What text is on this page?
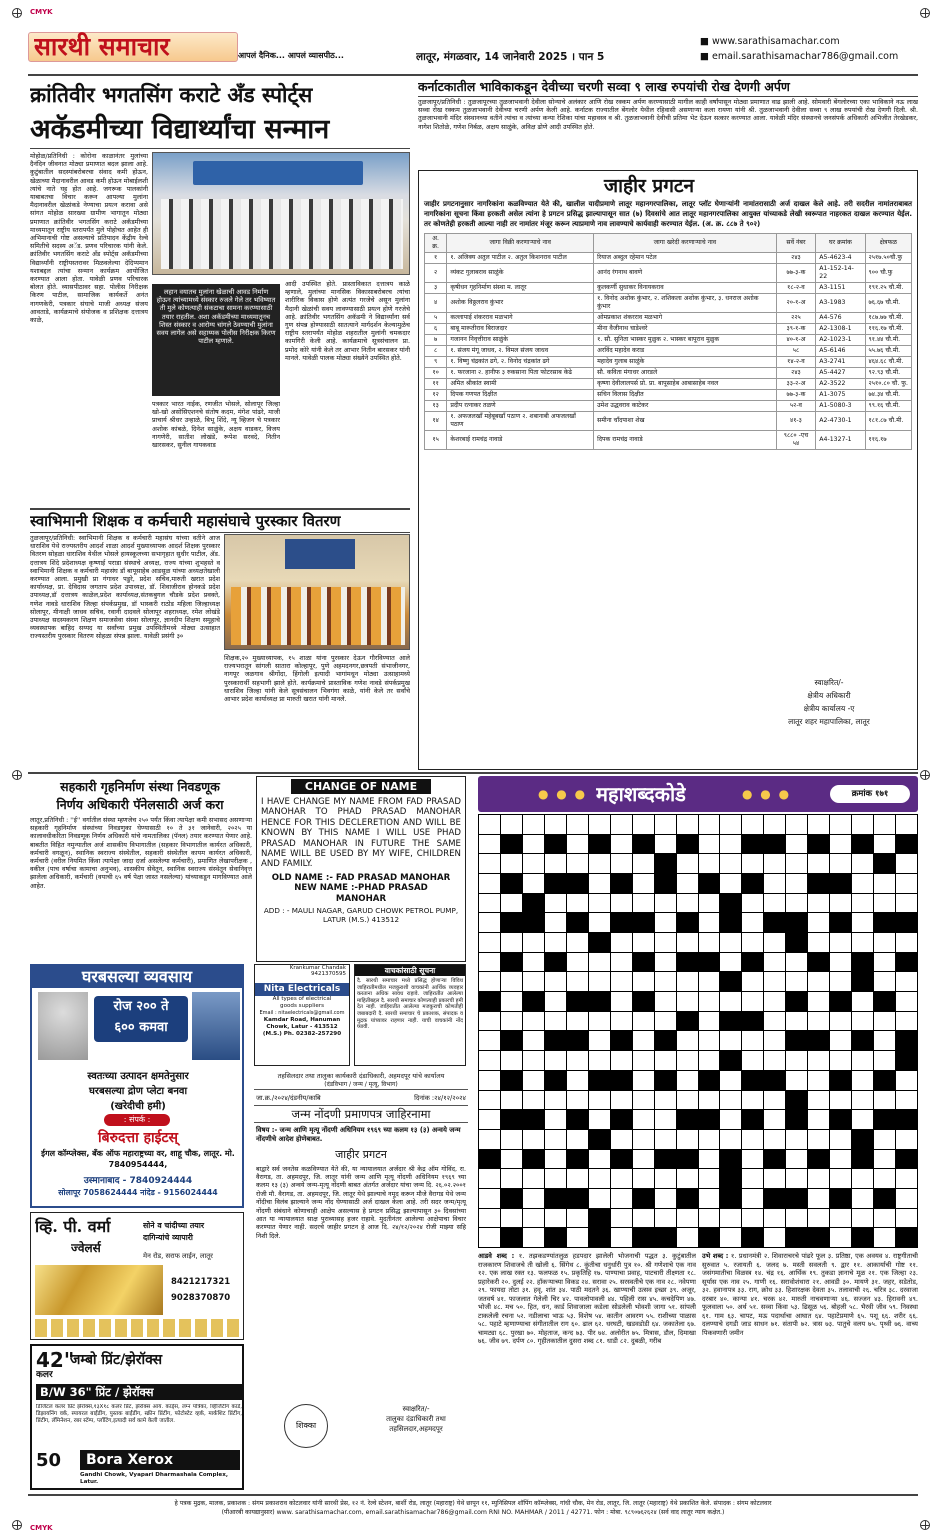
CMYK
सारथी समाचार	आपलं दैनिक... आपलं व्यासपीठ...	लातूर, मंगळवार, 14 जानेवारी 2025 । पान 5
■ www.sarathisamachar.com
■ email.sarathisamachar786@gmail.com
क्रांतिवीर भगतसिंग कराटे अँड स्पोर्ट्स
अकॅडमीच्या विद्यार्थ्यांचा सन्मान
मोहोळ/प्रतिनिधी : कोरोना काळानंतर मुलांच्या दैनंदिन जीवनात मोठ्या प्रमाणात बदल झाला आहे. कुटुंबातील सदस्यांबरोबरचा संवाद कमी होऊन, खेळाच्या मैदानावरील आवड कमी होऊन मोबाईलशी त्यांचे नाते घट्ट होत आहे. जगरूक पालकांनी याबाबतचा विचार करून आपल्या मुलांना मैदानावरील खेळांकडे नेण्याचा प्रयत्न करावा असे सांगत मोहोळ सारख्या ग्रामीण भागातून मोठ्या प्रमाणात क्रांतिवीर भगतसिंग कराटे अकॅडमीच्या माध्यमातून राष्ट्रीय स्तरापर्यंत मुले पोहोचत आहेत ही अभिमानाची गोष्ट असल्याचे प्रतिपादन केंद्रीय रेल्वे समितीचे सदस्य अॅड. प्रणव परिचारक यांनी केले. क्रांतिवीर भगतसिंग कराटे अँड स्पोर्ट्स अकॅडमीच्या विद्यार्थ्यांनी राष्ट्रीयस्तरावर मिळवलेल्या देदिप्यमान यशाबद्दल त्यांचा सन्मान कार्यक्रम आयोजित करण्यात आला होता. यावेळी प्रणव परिचारक बोलत होते. व्यासपीठावर सहा. पोलीस निरीक्षक किरण पाटील, सामाजिक कार्यकर्ते अनंत नागणकेरी, पत्रकार संघाचे माजी अध्यक्ष संजय आवताडे, कार्यक्रमाचे संयोजक व प्रशिक्षक दत्तात्रय काळे,
लहान वयातच मुलांना खेळाची आवड निर्माण होऊन त्यांच्यामध्ये संस्कार रुजले गेले तर भविष्यात ती मुले कोणत्याही संकटाचा सामना करण्यासाठी तयार राहतील. अशा अकॅडमीच्या माध्यमातूनच शिस्त संस्कार व आरोग्य चांगले ठेवण्याची मुलांना सवय लागेल असे सहाय्यक पोलीस निरीक्षक किरण पाटील म्हणाले.
पत्रकार भारत नाईक, रणजीत भोसले, सोलापूर जिल्हा खो-खो असोसिएशनचे संतोष कदम, मंगेश पांढरे, माजी प्राचार्य श्रीधर उन्हाळे, बिभू शिंदे, न्यू व्हिजन चे पत्रकार अशोक कांबळे, दिनेश साळुंके, अक्षय वाडकर, विजय नागणेरी, सातीश लोखंडे, रूपेश सरवदे, नितीन खारसकर, सुनील गायकवाड
आदी उपस्थित होते. प्रास्ताविकात दत्तात्रय काळे म्हणाले, मुलांच्या मानसिक विकासाबरोबरच त्यांचा शारीरिक विकास होणे अत्यंत गरजेचे असून मुलांना मैदानी खेळांची सवय लावण्यासाठी प्रयत्न होणे गरजेचे आहे. क्रांतिवीर भगतसिंग अकॅडमी ने विद्यार्थ्यांना सर्व गुण संपन्न होण्यासाठी सातत्याने मार्गदर्शन केल्यामुळेच राष्ट्रीय स्तरापर्यंत मोहोळ शहरातील मुलांनी चमकदार कामगिरी केली आहे. कार्यक्रमाचे सूत्रसंचालन प्रा. प्रमोद कोरे यांनी केले तर आभार नितीन बारसकर यांनी मानले. यावेळी पालक मोठ्या संख्येने उपस्थित होते.
स्वाभिमानी शिक्षक व कर्मचारी महासंघाचे पुरस्कार वितरण
तुळजापूर/प्रतिनिधी: स्वाभिमानी शिक्षक व कर्मचारी महासंघ यांच्या वतीने आज धाराशिव येथे राज्यस्तरीय आदर्श शाळा आदर्श मुख्याध्यापक आदर्श शिक्षक पुरस्कार वितरण सोहळा धाराशिव येथील भोसले हायस्कूलच्या सभागृहात सुधीर पाटील, ॲड. दत्तात्रय शिंदे प्रदेशाध्यक्ष कृष्णाई पराडा संस्थाचे अध्यक्ष, राज्य यांच्या शुभहस्ते व स्वाभिमानी शिक्षक व कर्मचारी महासंघ डॉ बापूसाहेब आडसूळ यांच्या अध्यक्षतेखाली करण्यात आला. प्रमुखी प्रा गंगाधर पडुरे, प्रदेश सचिव,मारुती खरात प्रदेश कार्याध्यक्ष, प्रा. देविदास जगताप प्रदेश उपाध्यक्ष, डॉ. शिवाजीराव होनकडे प्रदेश उपाध्यक्ष,डॉ दत्तात्रय काळेल,प्रदेश कार्याध्यक्ष,संतकबुगल चौडके प्रदेश प्रवक्ते, गणेश नावडे धाराशिव जिल्हा संपर्कप्रमुख, डॉ भास्करी राठोड महिला जिल्हाध्यक्ष सोलापूर, मीनाक्षी जाधव सचिव, रवानी दादवले सोलापूर शहराध्यक्ष, रमेश लोखंडे उपाध्यक्ष सदस्यकरण शिक्षण समाजसेवा संस्था सोलापूर, ज्ञानदीप शिक्षण समूहाचे व्यवस्थापक बाहिद सय्यद या सर्वांच्या प्रमुख उपस्थितीमध्ये मोठ्या उत्साहात राज्यस्तरीय पुरस्कार वितरण सोहळा संपन्न झाला. यावेळी प्रसंगी ३०
शिक्षक,२० मुख्याध्यापक, १५ शाळा यांना पुरस्कार देऊन गौरविण्यात आले राज्यभरातून सांगली सातारा कोल्हापूर, पुणे अहमदनगर,छत्रपती संभाजीनगर, नागपूर जळगाव श्रीगोंदा, हिंगोली इत्यादी भागांमधून मोठ्या उत्साहामध्ये पुरस्कारार्थी सहभागी झाले होते. कार्यक्रमाचे प्रास्ताविक गणेश नावडे संपर्कप्रमुख धाराशिव जिल्हा यांनी केले सूत्रसंचालन भिवगंगा काळे, यांनी केले तर सर्वांचे आभार प्रदेश कार्याध्यक्ष प्रा मारुती खरात यांनी मानले.
कर्नाटकातील भाविकाकडून देवीच्या चरणी सव्वा ९ लाख रुपयांची रोख देणगी अर्पण
तुळजापूर/प्रतिनिधी : तुळजापूरच्या तुळजाभवानी देवीला सोन्याचे अलंकार आणि रोख रक्कम अर्पण करण्यासाठी मागील काही वर्षांपासून मोठ्या प्रमाणात वाढ झाली आहे. सोमवारी बेंगलोरच्या एका भाविकाने नऊ लाख सव्वा रोख रक्कम तुळजाभवानी देवीच्या चरणी अर्पण केली आहे. कर्नाटक राज्यातील बेंगलोर येथील रहिवासी असणाऱ्या कला रायणा यांनी श्री. तुळजाभवानी देवीला सव्वा ९ लाख रुपयांची रोख देणगी दिली. श्री. तुळजाभवानी मंदिर संस्थानच्या वतीने त्यांचा व त्यांच्या कन्या रेशिका यांचा महावस्त्र व श्री. तुळजाभवानी देवीची प्रतिमा भेट देऊन सत्कार करण्यात आला. यावेळी मंदिर संस्थानचे जनसंपर्क अधिकारी अभिजीत तेरखेडकर, नागेश शितोळे, गणेश निर्बळ, अक्षय साळुंके, अविक्ष ढोणे आदी उपस्थित होते.
जाहीर प्रगटन
जाहीर प्रगटनानुसार नागरिकांना कळविण्यात येते की, खालील यादीप्रमाणे लातूर महानगरपालिका, लातूर प्लॉट घेणाऱ्यांनी नामांतरासाठी अर्ज दाखल केले आहे. तरी सदरील नामांतराबाबत नागरिकांना सूचना किंवा हरकती असेल त्यांना हे प्रगटन प्रसिद्ध झाल्यापासून सात (७) दिवसांचे आत लातूर महानगरपालिका आयुक्त यांच्याकडे लेखी स्वरूपात नाहरकत दाखल करण्यात येईल. तर कोणतेही हरकती आल्या नाही तर नामांतर मंजूर करून त्याप्रमाणे नाव लावण्याचे कार्यवाही करण्यात येईल. (अ. क्र. ८८७ ते ९०२)
अ. क्र.	जागा विक्री करणाऱ्याचे नाव	जागा खरेदी करणाऱ्याचे नाव	सर्वे नंबर	घर क्रमांक	क्षेत्रफळ
१	१. अजिक्य अतुल पाटील २. अतुल किशनराव पाटील	रियाज अब्दुल रहेमान पटेल	२४३	A5-4623-4	२५१७.५०चौ.फु
२	व्यंकट गुलाबराव साळुंके	आनंद रंगनाथ बावणे	७७-३-क	A1-152-14-22	९०० चौ.फु
३	कृषीधन गृहनिर्माण संस्था म. लातूर	कुलकर्णी सुधाकर विनायकराव	१८-२-व	A3-1151	१९१.२५ चौ.मी.
४	अशोक विठ्ठलराव कुंभार	१. विनोद अशोक कुंभार, २. शशिकला अशोक कुंभार, ३. धनराज अशोक कुंभार	२०-१-अ	A3-1983	७६.६७ चौ.मी.
५	कल्लापाई शंकरराव मळभागे	ओमप्रकाश शंकरराव मळभागे	२२५	A4-576	१८७.७७ चौ.मी.
६	बाबू मारूतीराव बिराजदार	मीना वैजीनाथ चाडेश्वरे	३९-१-क	A2-1308-1	११६.१७ चौ.मी.
७	गजानन निवृत्तीराव साळुंके	१. सौ. सुनिता भास्कर मुळुक २. भास्कर बापूराव मुळुक	४०-१-अ	A2-1023-1	९१.४४ चौ.मी.
८	१. संजय मंगू जाधव, २. विमल संजय जाधव	अरविंद महादेव कराड	५८	A5-6146	५५.७६ चौ.मी.
९	१. विष्णु चंद्रकांत ढगे, २. विनोद चंद्रकांत ढगे	महादेव गुलाब साळुंके	१४-२-व	A3-2741	४६४.६८ चौ.मी.
१०	१. फरजाना २. हानीफ ३ रुकसाना पिता फोटरसाब केढे	सौ. कविता मंगाधर आरडले	२४३	A5-4427	९२.९३ चौ.मी.
११	अमित श्रीकांत स्वामी	कृष्णा देवीलालपर्स प्रो. प्रा. बापूसाहेब आबासाहेब नवल	३३-२-अ	A2-3522	२५१०.८० चौ. फु.
१२	दिपक गणपत दिक्षीत	सचिन विलास दिक्षीत	७७-३-क	A1-3075	७४.३४ चौ.मी.
१३	प्रदीप रत्नाकर तळणे	उमेश उद्धवराव काटेकर	५२-व	A1-5080-3	९९.१६ चौ.मी.
१४	१. अफजलखाँ महेबूबखाँ पठाण २. शबानाबी अफजलखाँ पठाण	समीना चाँदपाशा शेख	४१-३	A2-4730-1	१८१.८७ चौ.मी.
१५	केशरबाई रामचंद्र नावाडे	दिपक रामचंद्र नावाडे	९८८० -एच ५४	A4-1327-1	११६.१७
स्वाक्षरित/-
क्षेत्रीय अधिकारी
क्षेत्रीय कार्यालय -ए
लातूर शहर महापालिका, लातूर
सहकारी गृहनिर्माण संस्था निवडणूक
निर्णय अधिकारी पॅनेलसाठी अर्ज करा
लातूर,प्रतिनिधी : ''ई'' वर्गातील संस्था म्हणजेच २५० पर्यंत किंवा त्यापेक्षा कमी सभासद असणाऱ्या सहकारी गृहनिर्माण संस्थांच्या निवडणुका घेण्यासाठी १० ते ३१ जानेवारी, २०२५ या कालावधीकरिता निवडणूक निर्णय अधिकारी यांचे नामतालिका (पॅनल) तयार करण्यात येणार आहे. बाबतीत विहित नमुन्यातील अर्ज शासकीय विभागातील (सहकार विभागातील कार्यरत अधिकारी, कर्मचारी वगळून), स्थानिक स्वराज्य संस्थेतील, सहकारी संस्थेतील कायम कार्यरत अधिकारी, कर्मचारी (वरील नियमित किंवा त्यापेक्षा जादा दर्जा असलेल्या कर्मचारी), प्रमाणित लेखापरीक्षक , वकील (पाच वर्षाचा कामाचा अनुभव), शासकीय सेवेतून, स्थानिक स्वराज्य संस्थेतून सेवानिवृत्त झालेला अधिकारी, कर्मचारी (वयाची ६५ वर्ष पेक्षा जास्त नसलेल्या) यांच्याकडून मागविण्यात आले आहेत.
CHANGE OF NAME
I HAVE CHANGE MY NAME FROM FAD PRASAD MANOHAR TO PHAD PRASAD MANOHAR HENCE FOR THIS DECLERETION AND WILL BE KNOWN BY THIS NAME I WILL USE PHAD PRASAD MANOHAR IN FUTURE THE SAME NAME WILL BE USED BY MY WIFE, CHILDREN AND FAMILY.
OLD NAME :- FAD PRASAD MANOHAR
NEW NAME :-PHAD PRASAD MANOHAR
ADD : - MAULI NAGAR, GARUD CHOWK PETROL PUMP, LATUR (M.S.) 413512
● ● ● महाशब्दकोडे	● ● ●	क्रमांक १७१
आडवे शब्द : १. तझकडण्यांतलुळ हडपदार झालेली भोजनाची पद्धत ३. कुटुंबातील राजकारण शिवाजचे ती खोली ६. सिंगेथ ८. कुंतीचा धनुर्धारी पुत्र १०. श्री गणेशाचे एक नाव १२. एक लाख रक्त १३. फलफळ १५. प्रकृतिहि १७. पाण्याचा प्रवाह, पाटचारी तीक्ष्णता १८. प्रहारेकरी २०. दुलई २२. हॉकऱ्याच्या विकड २४. सरावा २५. सरस्वतीचे एक नाव २८. नवेपणा २९. फायदा तोटा ३१. हवृ, शांत ३४. पाठी मदतने ३६. खाण्याची उत्सव इच्छा ३९. अजूर, जतवर्ष ४१. फाजलात गेलेली चिर ४२. पावलोपावली ४४. पहिली रास ४५. कचदेपिण ४७. भोजी ४८. मच ५०. हित, धन, कार्ड शिवाजाला कडेला सोडलेली भोवशी जागा ५१. सांपली टाकलेली रचना ५२. नडीलाचा भाऊ ५३. विशेष ५४. कातीन आवरण ५५. राशीच्या पाळास ५८. पहाटे म्हणाण्याचा संगीतातील राग ६०. ढाल ६२. धरघटी, खडवडोडी ६४. जकातेला ६७. चामट्या ६८. पुरखा ७०. मोहताज, कन्द ७३. पीर ७४. अलोरीत ७५. मित्रास, डौल, दिमाखा ७६. जीव ७९. दर्पण ८०. गृहीतकातील दुसरा शब्द ८१. धाडी ८२. दुबळी, गरीब
उभे शब्द : १. प्रधानमंत्री २. शिवाराचरचे पांढरे फूल ३. प्रतिष्ठा, एक अवयव ४. राष्ट्रगीताची सुरुवात ५. रजायती ६. जलद ७. मस्ती सवलती ९. द्वार ११. आकार्याची गोष्ट ११. जसंगमातीचा विळस्त्र १४. चंद्र १६. आर्थिक १९. तुकडा ज्ञानाचे मूळ २१. एक जिल्हा २३. सूर्यास एक नाव २५. गाणी १६. सरावोशंथारा २१. आवडी ३०. मायणे ३१. जहर, सडेतोड, ३२. हवानापत्र ३३. राग, क्रोध ३३. हिशारक्षक देवता ३५. तलावाची २६. चरित्र ३८. दरवाजा दरबार ४०. कान्या ४१. चरक ४२. मारुती नाचवणाऱ्या ४६. सज्जन ४३. हिरावनी ४९. फूलवाला ५०. अर्थ ५१. सव्वा किंवा ५३. ढिसूळ ५६. बोहली ५८. भैरवी जीव ५९. निवस्था ६१. गाम ६३. चापट, मऊ पदार्थाचा आघात ६४. पहाटेप्रमाणे ६५. पशू ६६. शरीर ६६. दलण्याचे दगडी जाड साधन ७१. संतापी ७२. त्रास ७३. पातुचे वलय ७५. पृथ्वी ७६. वाच्य पिकवणारी जमीन
घरबसल्या व्यवसाय
रोज २०० ते
६०० कमवा
स्वतःच्या उत्पादन क्षमतेनुसार
घरबसल्या द्रोण प्लेटा बनवा
(खरेदीची हमी)
: संपर्क :
बिरुदत्ता हाईटस्
ईगल कॉम्प्लेक्स, बँक ऑफ महाराष्ट्रच्या वर, शाहू चौक, लातूर. मो. 7840954444,
उस्मानाबाद - 7840924444
सोलापूर 7058624444 नांदेड - 9156024444
Krankumar Chandak
9421370595
Nita Electricals
All types of electrical
goods suppliers
Email : nitaelectricals@gmail.com
Kamdar Road, Hanuman Chowk, Latur - 413512
(M.S.) Ph. 02382-257290
वाचकांसाठी सूचना
दै. सारथी समाचार मध्ये प्रसिद्ध होणाऱ्या विविध जाहिरातीमधील मजकुराशी वाचकांनी आर्थिक व्यवहार करताना अधिक सावध राहावे. जाहिरातीत आलेल्या माहितीबद्दल दै. सारथी समाचार कोणत्याही प्रकारची हमी देत नाही. जाहिरातीत आलेल्या मजकुराची कोणतीही जबाबदारी दै. सारथी समाचार चे प्रकाशक, संपादक व मुद्रक यांच्यावर राहणार नाही. याची वाचकांनी नोंद घ्यावी.
तहसिलदार तथा तालुका कार्यकारी दंडाधिकारी, अहमदपूर यांचे कार्यालय
(दंडविभाग / जन्म / मृत्यू, विभाग)
जा.क्र./२०२४/दंडनीय/काबि	दिनांक :२४/१२/२०२४
जन्म नोंदणी प्रमाणपत्र जाहिरनामा
विषय :- जन्म आणि मृत्यू नोंदणी अधिनियम १९६९ च्या कलम १३ (३) अन्वये जन्म नोंदणीचे आदेश होणेबाबत.
जाहीर प्रगटन
बाद्वारे सर्व जनतेस कळविण्यात येते की, या न्यायालयात अर्जदार श्री केद्र ऑम गोविंद, रा. वैरागड, ता. अहमदपूर, जि. लातूर यांनी जन्म आणि मृत्यू नोंदणी अधिनियम १९६९ च्या कलम १३ (३) अन्वये जन्म-मृत्यू नोंदणी बाबत अंतर्गत अर्जदार यांचा जन्म दि. २६.०२.२००१ रोजी मौ. वैरागड, ता. अहमदपूर, जि. लातूर येथे झाल्याचे नमूद करून मौजे वैरागड येथे जन्म नोंदीचा विलंब झाल्याने जन्म नोंद घेण्यासाठी अर्ज दाखल केला आहे. तरी सदर जन्म/मृत्यू नोंदणी संबंधाने कोणाचाही आक्षेप असल्यास हे प्रगटन प्रसिद्ध झाल्यापासून ३० दिवसांच्या आत या न्यायालयात साक्ष पुराव्यासह हजर राहावे. मुदतीनंतर आलेल्या आक्षेपाचा विचार करण्यात येणार नाही. सदरचे जाहीर प्रगटन हे आज दि. २४/१२/२०२४ रोजी माझ्या सहि निशी दिले.
शिक्का
स्वाक्षरित/-
तालुका दंडाधिकारी तथा
तहसिलदार,अहमदपूर
व्हि. पी. वर्मा
ज्वेलर्स
सोने व चांदीच्या तयार
दागिन्यांचे व्यापारी
मेन रोड, सराफ लाईन, लातूर
8421217321
9028370870
42"
कलर
जम्बो प्रिंट/झेरॉक्स
B/W 36" प्रिंट / झेरॉक्स
डिजिटल कलर प्रिंट झेरॉक्स,१३X१८ कलर प्रिंट, झेरॉक्स आय. कार्ड्स, लग्न पत्रिका, व्हिजिटींग कार्ड, डिझायनिंग वर्क, स्पायरल बाईंडींग, पुस्तक बाईंडींग, स्क्रीन प्रिंटींग, फोटोस्टेट व्हर्क, मार्कशिट प्रिंटींग, प्रिंटींग, लॅमिनेशन, रबर स्टॅम्प, प्लॉटिंग,इत्यादी सर्व कामे केली जातील.
50	Bora Xerox
Gandhi Chowk, Vyapari Dharmashala Complex, Latur.
हे पत्रक मुद्रक, मालक, प्रकाशक : संगम प्रकाशराव कोटलवार यांनी सारथी प्रेस, १२ नं. रेल्वे स्टेशन, बार्शी रोड, लातूर (महाराष्ट्र) येथे छापून ११, म्युनिसिपल शॉपिंग कॉम्प्लेक्स, गांधी चौक, मेन रोड, लातूर, जि. लातूर (महाराष्ट्र) येथे प्रकाशित केले. संपादक : संगम कोटलवार
(पीआरबी कायद्यानुसार) www. sarathisamachar.com, email.sarathisamachar786@gmail.com RNI NO. MAHMAR / 2011 / 42771. फोन : मोबा. ९८९०७६२६२४ (सर्व वाद लातूर न्याय कक्षेत.)
CMYK
